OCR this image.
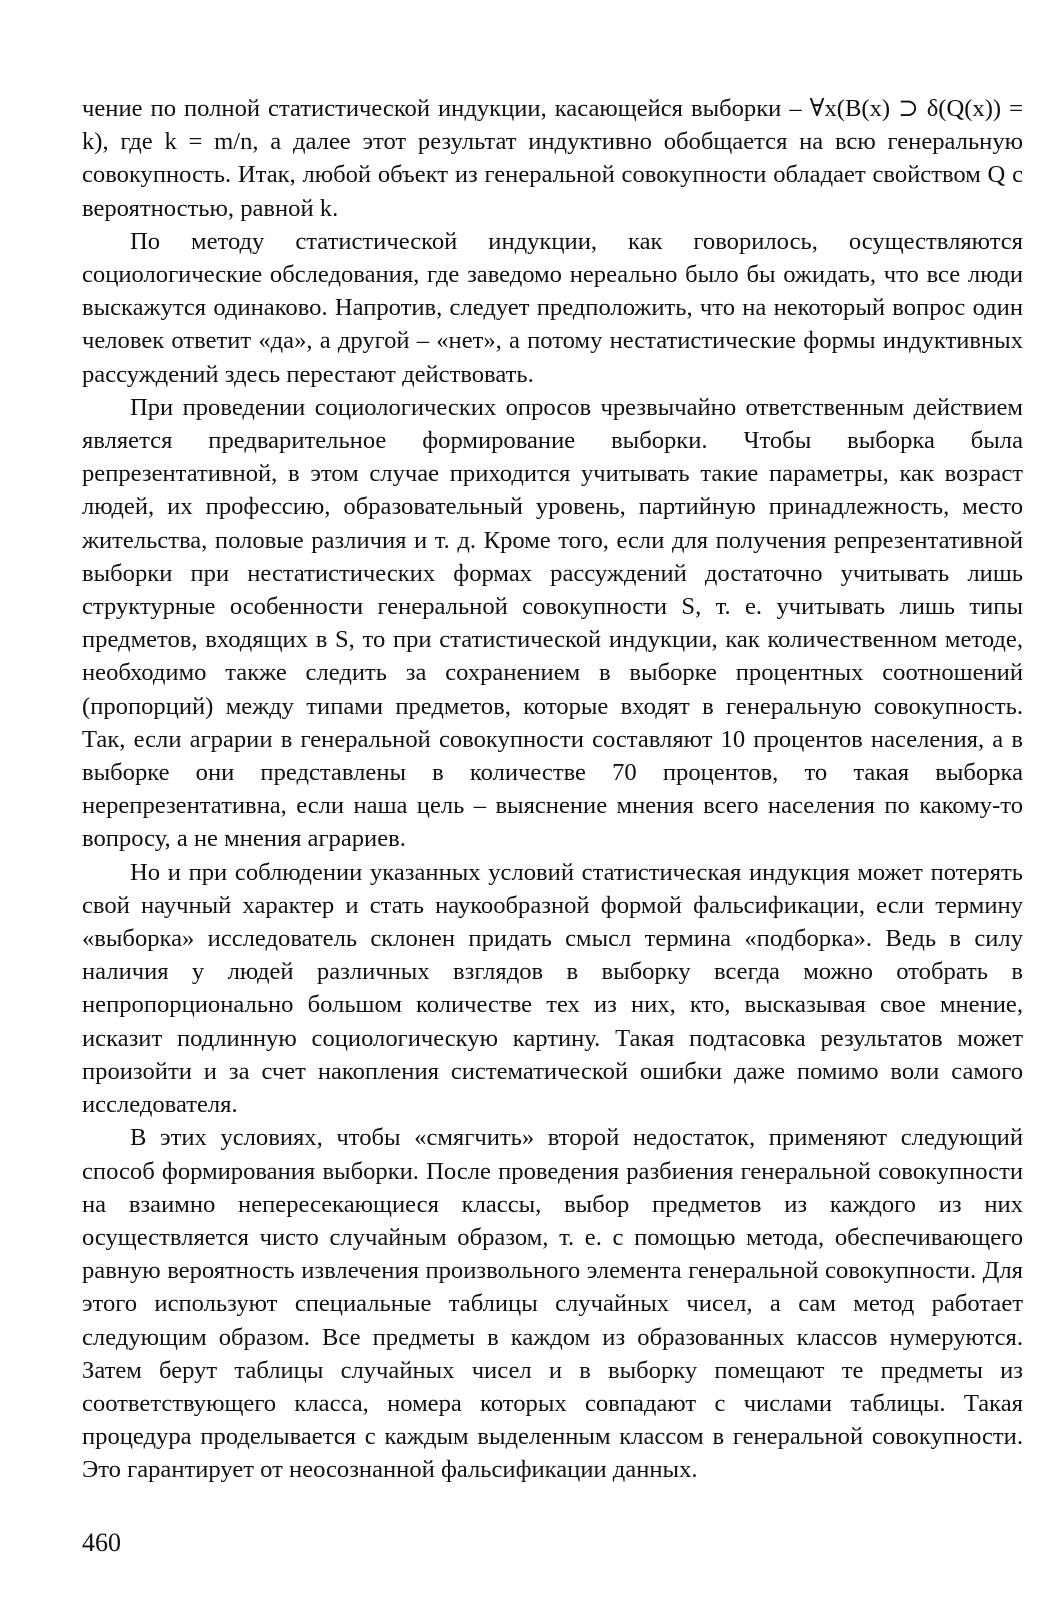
чение по полной статистической индукции, касающейся выборки – ∀x(B(x) ⊃ δ(Q(x)) = k), где k = m/n, а далее этот результат индуктивно обобщается на всю генеральную совокупность. Итак, любой объект из генеральной совокупности обладает свойством Q с вероятностью, равной k.

По методу статистической индукции, как говорилось, осуществляются социологические обследования, где заведомо нереально было бы ожидать, что все люди выскажутся одинаково. Напротив, следует предположить, что на некоторый вопрос один человек ответит «да», а другой – «нет», а потому нестатистические формы индуктивных рассуждений здесь перестают действовать.

При проведении социологических опросов чрезвычайно ответственным действием является предварительное формирование выборки. Чтобы выборка была репрезентативной, в этом случае приходится учитывать такие параметры, как возраст людей, их профессию, образовательный уровень, партийную принадлежность, место жительства, половые различия и т. д. Кроме того, если для получения репрезентативной выборки при нестатистических формах рассуждений достаточно учитывать лишь структурные особенности генеральной совокупности S, т. е. учитывать лишь типы предметов, входящих в S, то при статистической индукции, как количественном методе, необходимо также следить за сохранением в выборке процентных соотношений (пропорций) между типами предметов, которые входят в генеральную совокупность. Так, если аграрии в генеральной совокупности составляют 10 процентов населения, а в выборке они представлены в количестве 70 процентов, то такая выборка нерепрезентативна, если наша цель – выяснение мнения всего населения по какому-то вопросу, а не мнения аграриев.

Но и при соблюдении указанных условий статистическая индукция может потерять свой научный характер и стать наукообразной формой фальсификации, если термину «выборка» исследователь склонен придать смысл термина «подборка». Ведь в силу наличия у людей различных взглядов в выборку всегда можно отобрать в непропорционально большом количестве тех из них, кто, высказывая свое мнение, исказит подлинную социологическую картину. Такая подтасовка результатов может произойти и за счет накопления систематической ошибки даже помимо воли самого исследователя.

В этих условиях, чтобы «смягчить» второй недостаток, применяют следующий способ формирования выборки. После проведения разбиения генеральной совокупности на взаимно непересекающиеся классы, выбор предметов из каждого из них осуществляется чисто случайным образом, т. е. с помощью метода, обеспечивающего равную вероятность извлечения произвольного элемента генеральной совокупности. Для этого используют специальные таблицы случайных чисел, а сам метод работает следующим образом. Все предметы в каждом из образованных классов нумеруются. Затем берут таблицы случайных чисел и в выборку помещают те предметы из соответствующего класса, номера которых совпадают с числами таблицы. Такая процедура проделывается с каждым выделенным классом в генеральной совокупности. Это гарантирует от неосознанной фальсификации данных.

460
